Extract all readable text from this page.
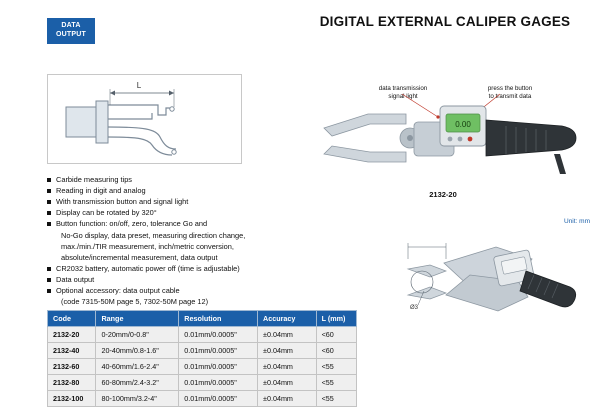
DATA
OUTPUT
DIGITAL EXTERNAL CALIPER GAGES
L
Carbide measuring tips
Reading in digit and analog
With transmission button and signal light
Display can be rotated by 320°
Button function: on/off, zero, tolerance Go and
No-Go display, data preset, measuring direction change,
max./min./TIR measurement, inch/metric conversion,
absolute/incremental measurement, data output
CR2032 battery, automatic power off (time is adjustable)
Data output
Optional accessory: data output cable
(code 7315-50M page 5, 7302-50M page 12)
data transmission
signal light
press the button
to transmit data
0.00
2132-20
Unit: mm
Ø3
Code	Range	Resolution	Accuracy	L (mm)
2132-20	0-20mm/0-0.8"	0.01mm/0.0005"	±0.04mm	<60
2132-40	20-40mm/0.8-1.6"	0.01mm/0.0005"	±0.04mm	<60
2132-60	40-60mm/1.6-2.4"	0.01mm/0.0005"	±0.04mm	<55
2132-80	60-80mm/2.4-3.2"	0.01mm/0.0005"	±0.04mm	<55
2132-100	80-100mm/3.2-4"	0.01mm/0.0005"	±0.04mm	<55
